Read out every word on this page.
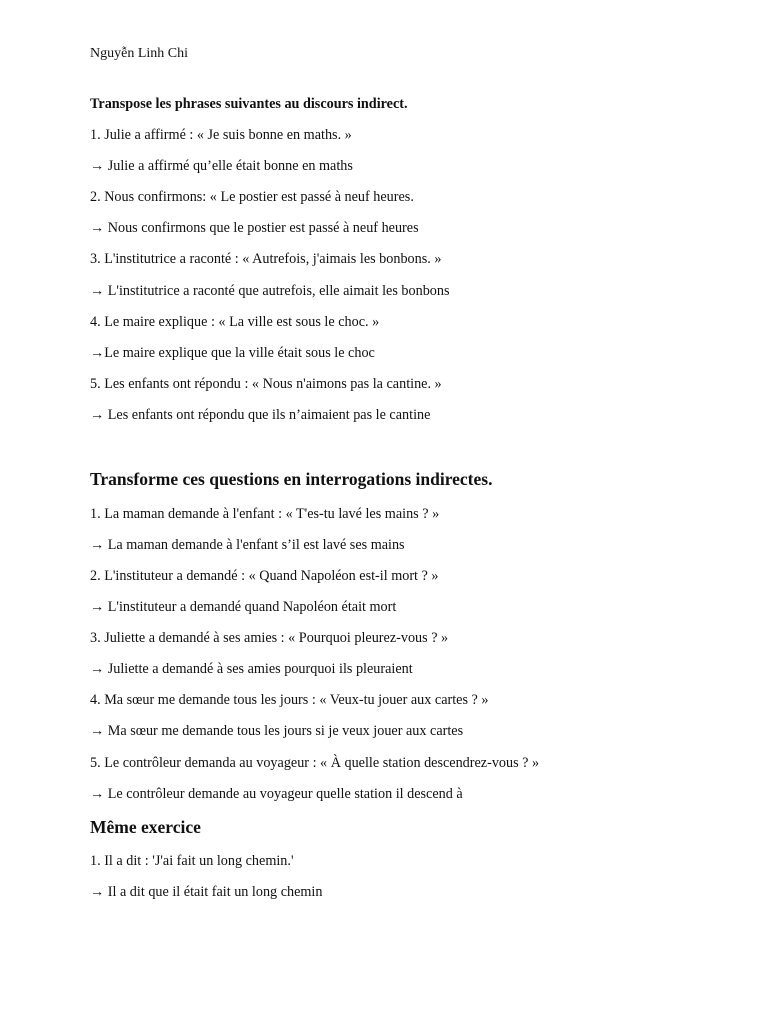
Nguyễn Linh Chi
Transpose les phrases suivantes au discours indirect.
1. Julie a affirmé : « Je suis bonne en maths. »
→ Julie a affirmé qu’elle était bonne en maths
2. Nous confirmons: « Le postier est passé à neuf heures.
→ Nous confirmons que le postier est passé à neuf heures
3. L'institutrice a raconté : « Autrefois, j'aimais les bonbons. »
→ L'institutrice a raconté que autrefois, elle aimait les bonbons
4. Le maire explique : « La ville est sous le choc. »
→Le maire explique que la ville était sous le choc
5. Les enfants ont répondu : « Nous n'aimons pas la cantine. »
→ Les enfants ont répondu que ils n’aimaient pas le cantine
Transforme ces questions en interrogations indirectes.
1. La maman demande à l'enfant : « T'es-tu lavé les mains ? »
→ La maman demande à l'enfant s’il est lavé ses mains
2. L'instituteur a demandé : « Quand Napoléon est-il mort ? »
→ L'instituteur a demandé quand Napoléon était mort
3. Juliette a demandé à ses amies : « Pourquoi pleurez-vous ? »
→ Juliette a demandé à ses amies pourquoi ils pleuraient
4. Ma sœur me demande tous les jours : « Veux-tu jouer aux cartes ? »
→ Ma sœur me demande tous les jours si je veux jouer aux cartes
5. Le contrôleur demanda au voyageur : « À quelle station descendrez-vous ? »
→ Le contrôleur demande au voyageur quelle station il descend à
Même exercice
1. Il a dit : 'J'ai fait un long chemin.'
→ Il a dit que il était fait un long chemin
